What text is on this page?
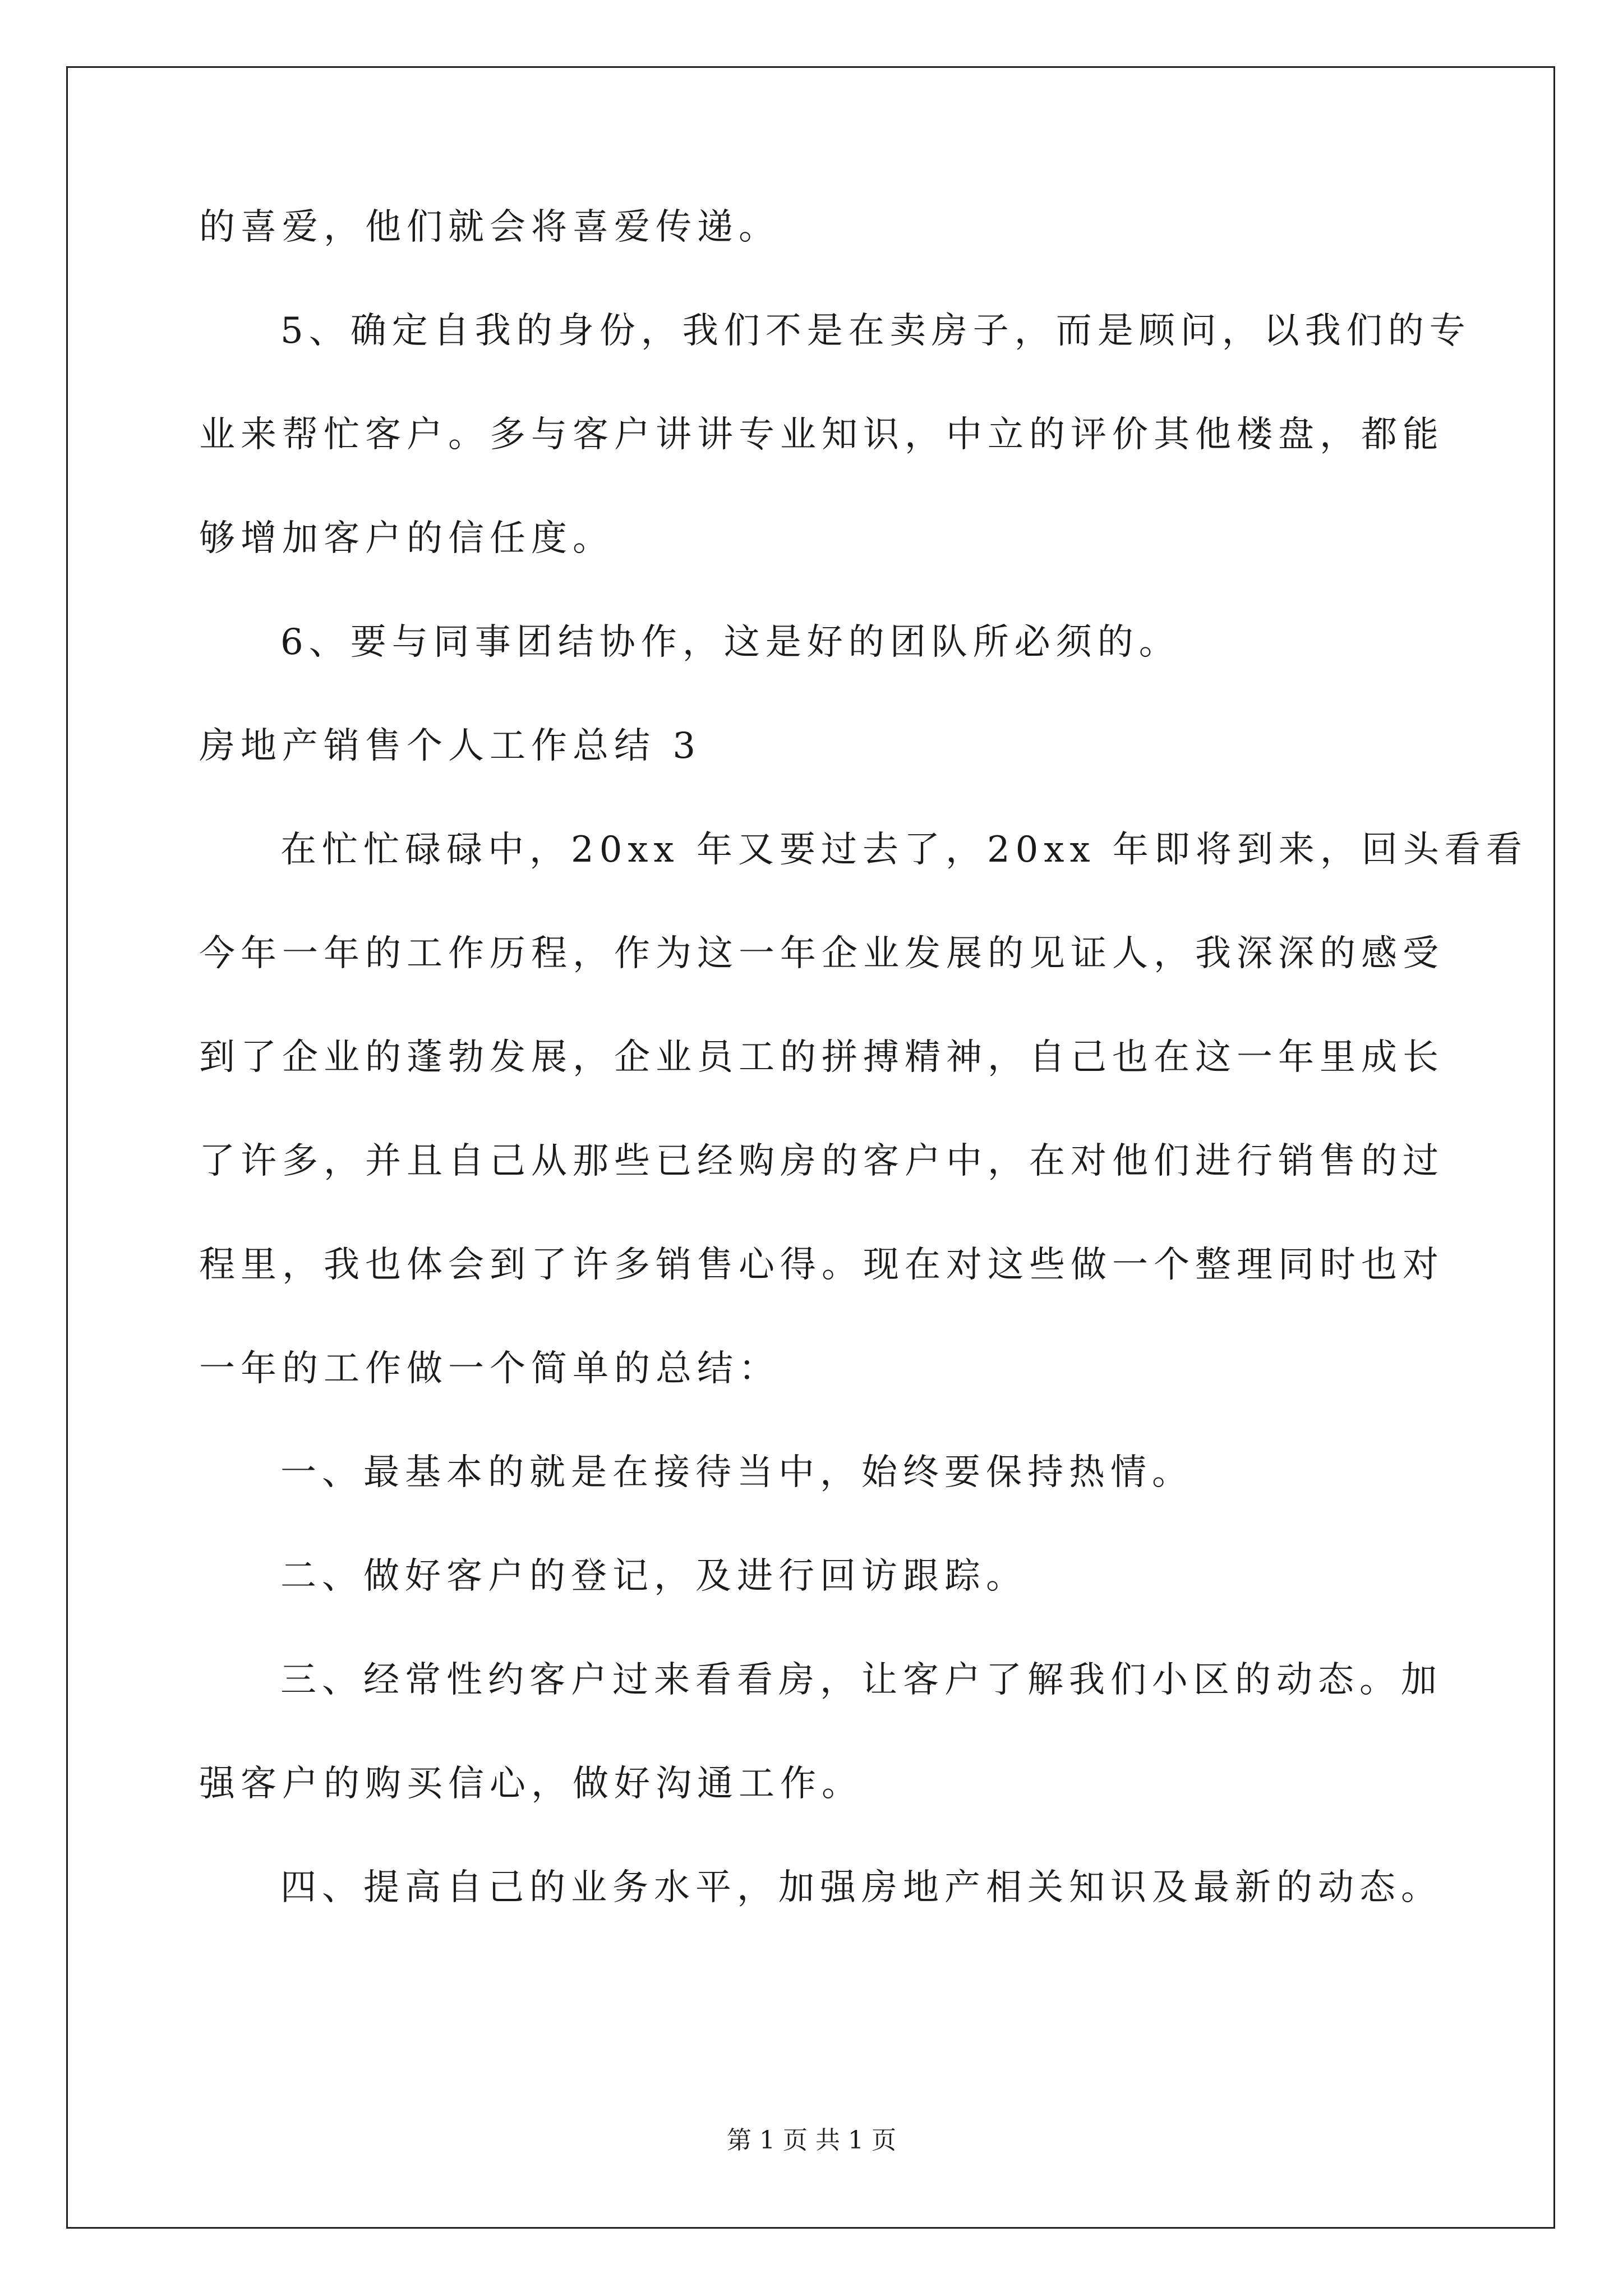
的喜爱，他们就会将喜爱传递。
5、确定自我的身份，我们不是在卖房子，而是顾问，以我们的专
业来帮忙客户。多与客户讲讲专业知识，中立的评价其他楼盘，都能
够增加客户的信任度。
6、要与同事团结协作，这是好的团队所必须的。
房地产销售个人工作总结 3
在忙忙碌碌中，20xx 年又要过去了，20xx 年即将到来，回头看看
今年一年的工作历程，作为这一年企业发展的见证人，我深深的感受
到了企业的蓬勃发展，企业员工的拼搏精神，自己也在这一年里成长
了许多，并且自己从那些已经购房的客户中，在对他们进行销售的过
程里，我也体会到了许多销售心得。现在对这些做一个整理同时也对
一年的工作做一个简单的总结：
一、最基本的就是在接待当中，始终要保持热情。
二、做好客户的登记，及进行回访跟踪。
三、经常性约客户过来看看房，让客户了解我们小区的动态。加
强客户的购买信心，做好沟通工作。
四、提高自己的业务水平，加强房地产相关知识及最新的动态。
第 1 页 共 1 页
